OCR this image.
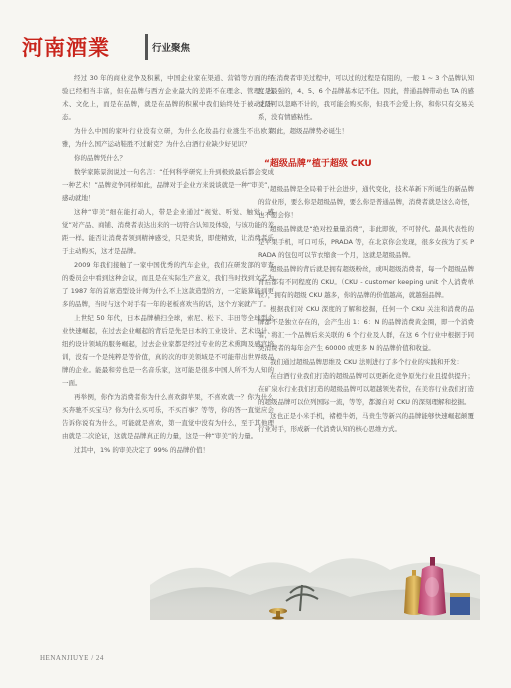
河南酒業	行业聚焦

经过 30 年的商业竞争及积累，中国企业家在渠道、营销等方面的经验已经相当丰富，但在品牌与西方企业最大的差距不在理念、管理、技术、文化上，而是在品牌，就是在品牌的积累中我们始终处于被动打转态。

为什么中国的家叶行业没有立研，为什么化妆品行业涨生不出欧莱雅，为什么国产运动鞋胜不过耐克？为什么白酒行业缺少好见识？

你的品牌凭什么？

数学家陈景润说过一句名言：“任何科学研究上升到极致最后都会变成一种艺术！”品牌竞争同样如此，品牌对于企业方来说谈就是一种“审美”，感动就地！

这种“审美”细在能打动人，带是企业通过“视觉、听觉、触觉、感觉”对产品、商铺、消费者表达出来的一切符合认知及体验，与该功能的差距一样。能否让消费者领到精神感受，只是卖货，即使精致，让消费者乐于主动购买，这才是品牌。

2009 年我们接触了一家中国优秀的汽车企业，我们在研发部的审查的委员会中看到这种会议，而且是在实际生产意义，我们当时找到文艺为了 1987 年的首席造型设计师为什么不上这款造型的方，一定能算能到更多的品牌，当时与这个对手有一年的老板喜欢当的话，这个方案就产了。

上世纪 50 年代，日本品牌横扫全球，索尼、松下、丰田等全球型企业快速崛起，在过去企业崛起的背后是先是日本的工业设计、艺术设计、纽约设计领域的服务崛起，过去企业家都是经过专业的艺术熏陶及感官培训，没有一个是纯粹是等价值，真的次的审美领域是不可能带出世界级品牌的企业。能最和劳也是一名音乐家，这可能是很多中国人所不为人知的一面。

再举例，你作为消费者你为什么喜欢御苹果，不喜欢就一？你为什么买奔驰不买宝马？你为什么买可乐，不买百事？等等，你的答一直觉应会告诉你说有为什么，可能就是喜欢，第一直觉中没有为什么，至于其他理由就是二次论证，这就是品牌真正的力量，这是一种“审美”的力量。

过其中，1% 的审美决定了 99% 的品牌价值！

在消费者审美过程中，可以过的过程是有阻的，一般 1 ~ 3 个品牌认知度是最强的，4、5、6 个品牌基本记不住。因此，普通品牌带动也 TA 的感受是可以忽略不计的，我可能会购买你，但我不会爱上你，和你只有交易关系，没有情感粘性。

因此，超级品牌势必诞生！

“超级品牌”植于超级 CKU

超级品牌是全局着于社会进步，通代变化，技术革新下所诞生的新品牌的营业形，要么你是超级品牌，要么你是普通品牌，消费者就是这么奇怪，也不愿会你！

超级品牌就是“绝对控量量消费”，非此即彼，不可替代。最具代表性的是苹果手机，可口可乐，PRADA 等，在北京你会发现，很多女孩为了买 PRADA 的包包可以节衣缩食一个月，这就是超级品牌。

超级品牌的背后就是拥有超级粉丝，或叫超级消费者，每一个超级品牌背后都有不同程度的 CKU。（CKU - customer keeping unit 个人消费单位），拥有的超级 CKU 越多，你的品牌的价值越高，就越强品牌。

根据我们对 CKU 深度的了解和挖掘，任何一个 CKU 关注和消费的品牌都不是独立存在的，会产生出 1：6：N 的品牌消费黄金圈，即一个消费者，将汇一个品牌后来关联的 6 个行业及人群，在这 6 个行业中根据于同类消费者的每年会产生 60000 或更多 N 的品牌价值和收益。

我们通过超级品牌思维及 CKU 法则进行了多个行业的实践和开发：

在白酒行业我们打造的超级品牌可以更新化竞争原先行业且提供提升；在矿泉水行业我们打造的超级品牌可以超越领先者位，在美容行业我们打造的超级品牌可以位列国际一流，等等，都源自对 CKU 的深刻理解和挖掘。

这也正是小米手机，褚橙牛奶，马贵生等新兴的品牌能够快速崛起颠覆行业对手，形成新一代消费认知的核心思维方式。

HENANJIUYE / 24
